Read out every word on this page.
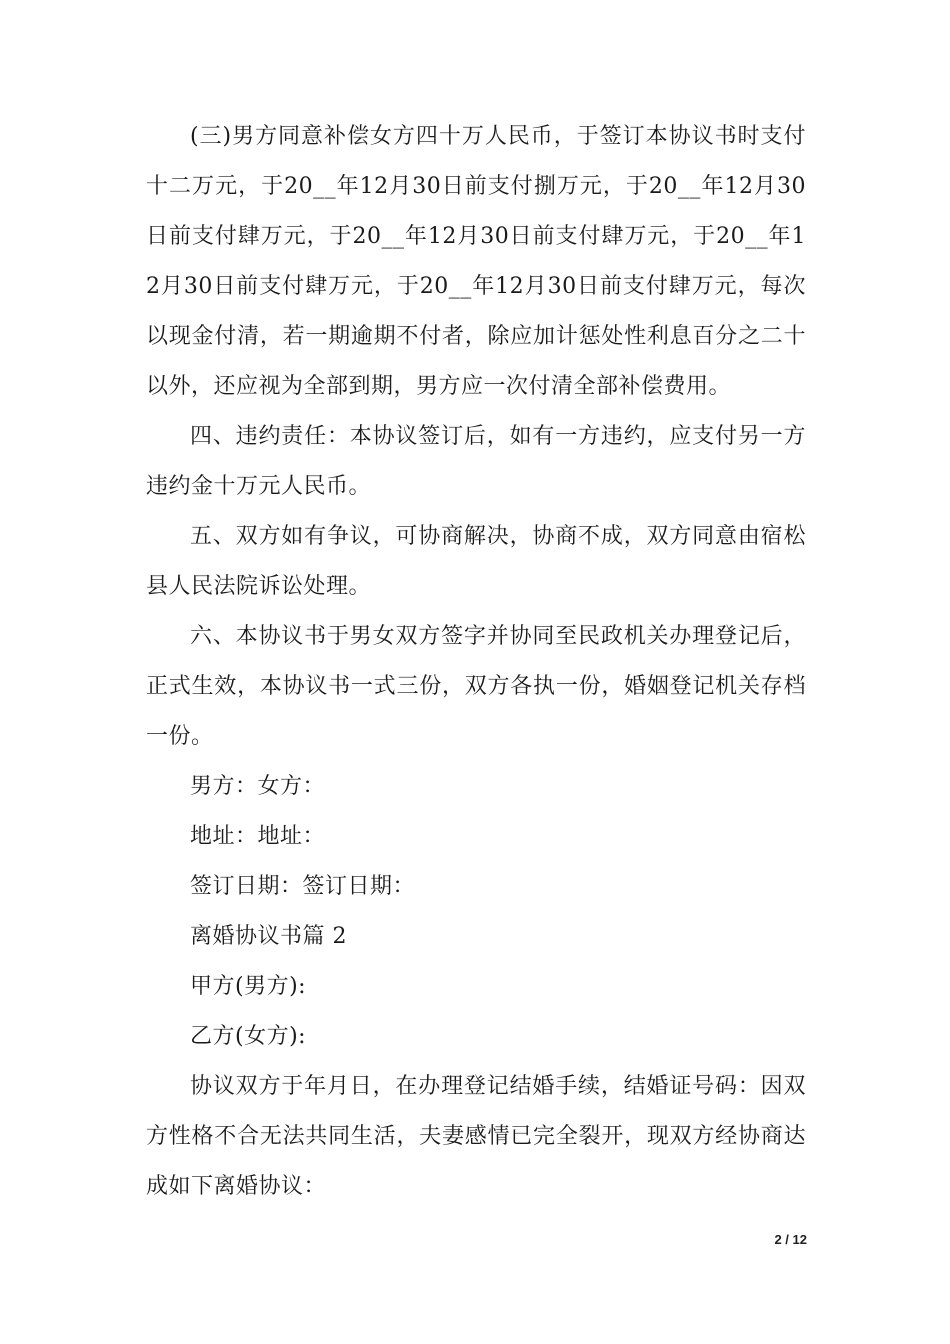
(三)男方同意补偿女方四十万人民币，于签订本协议书时支付十二万元，于20__年12月30日前支付捌万元，于20__年12月30日前支付肆万元，于20__年12月30日前支付肆万元，于20__年12月30日前支付肆万元，于20__年12月30日前支付肆万元，每次以现金付清，若一期逾期不付者，除应加计惩处性利息百分之二十以外，还应视为全部到期，男方应一次付清全部补偿费用。

四、违约责任：本协议签订后，如有一方违约，应支付另一方违约金十万元人民币。

五、双方如有争议，可协商解决，协商不成，双方同意由宿松县人民法院诉讼处理。

六、本协议书于男女双方签字并协同至民政机关办理登记后，正式生效，本协议书一式三份，双方各执一份，婚姻登记机关存档一份。

男方：女方：

地址：地址：

签订日期：签订日期：

离婚协议书篇 2

甲方(男方):

乙方(女方):

协议双方于年月日，在办理登记结婚手续，结婚证号码：因双方性格不合无法共同生活，夫妻感情已完全裂开，现双方经协商达成如下离婚协议：

2 / 12
